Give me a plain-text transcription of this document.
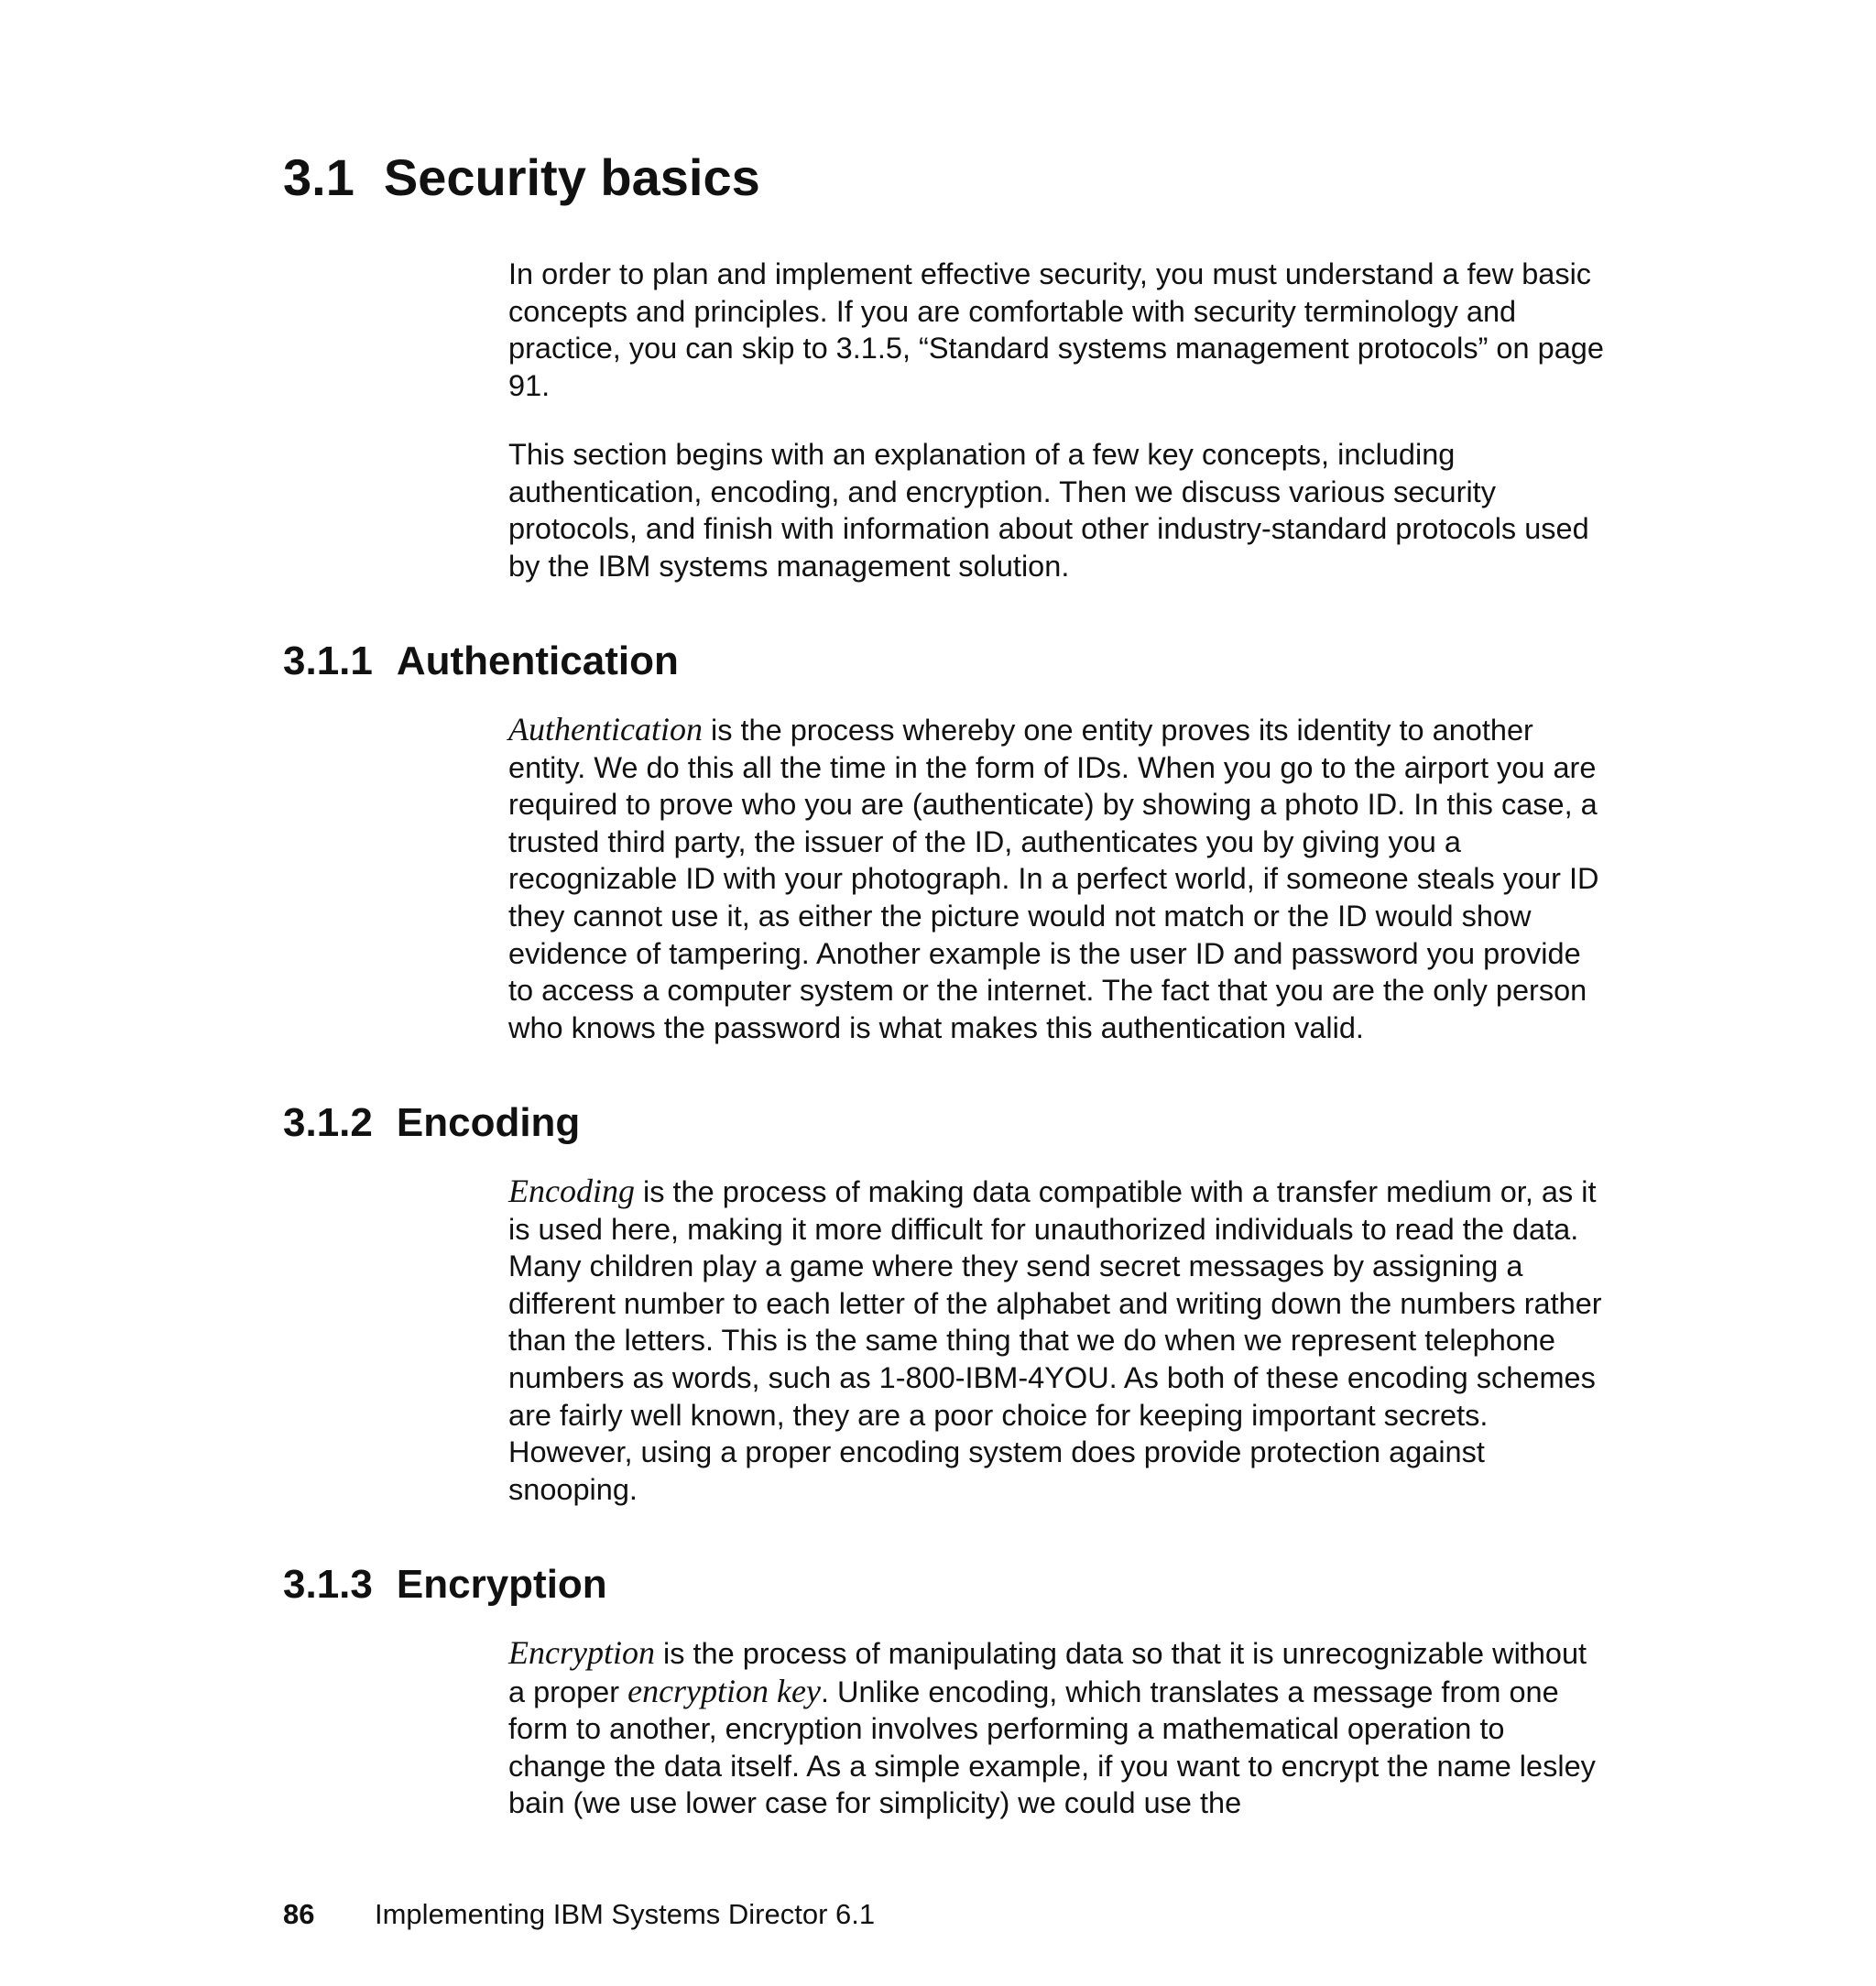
3.1 Security basics

In order to plan and implement effective security, you must understand a few basic concepts and principles. If you are comfortable with security terminology and practice, you can skip to 3.1.5, “Standard systems management protocols” on page 91.

This section begins with an explanation of a few key concepts, including authentication, encoding, and encryption. Then we discuss various security protocols, and finish with information about other industry-standard protocols used by the IBM systems management solution.

3.1.1 Authentication

Authentication is the process whereby one entity proves its identity to another entity. We do this all the time in the form of IDs. When you go to the airport you are required to prove who you are (authenticate) by showing a photo ID. In this case, a trusted third party, the issuer of the ID, authenticates you by giving you a recognizable ID with your photograph. In a perfect world, if someone steals your ID they cannot use it, as either the picture would not match or the ID would show evidence of tampering. Another example is the user ID and password you provide to access a computer system or the internet. The fact that you are the only person who knows the password is what makes this authentication valid.

3.1.2 Encoding

Encoding is the process of making data compatible with a transfer medium or, as it is used here, making it more difficult for unauthorized individuals to read the data. Many children play a game where they send secret messages by assigning a different number to each letter of the alphabet and writing down the numbers rather than the letters. This is the same thing that we do when we represent telephone numbers as words, such as 1-800-IBM-4YOU. As both of these encoding schemes are fairly well known, they are a poor choice for keeping important secrets. However, using a proper encoding system does provide protection against snooping.

3.1.3 Encryption

Encryption is the process of manipulating data so that it is unrecognizable without a proper encryption key. Unlike encoding, which translates a message from one form to another, encryption involves performing a mathematical operation to change the data itself. As a simple example, if you want to encrypt the name lesley bain (we use lower case for simplicity) we could use the

86 Implementing IBM Systems Director 6.1
